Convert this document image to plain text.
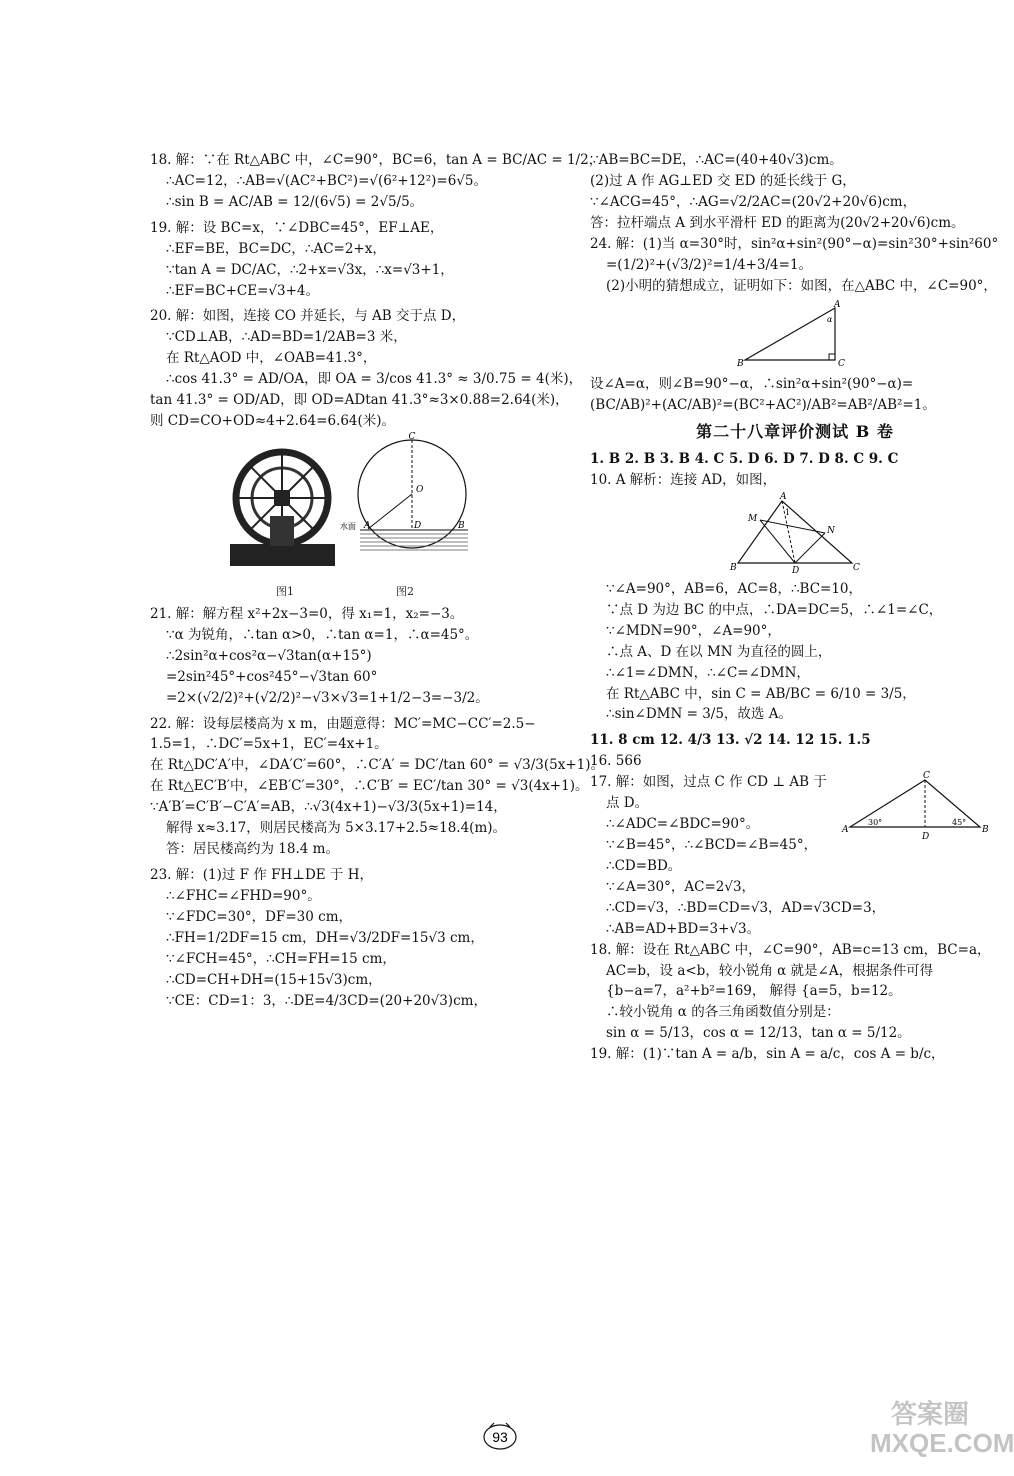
18. 解：∵在 Rt△ABC 中，∠C=90°，BC=6，tan A = BC/AC = 1/2，

∴AC=12，∴AB=√(AC²+BC²)=√(6²+12²)=6√5。

∴sin B = AC/AB = 12/(6√5) = 2√5/5。

19. 解：设 BC=x，∵∠DBC=45°，EF⊥AE，

∴EF=BE，BC=DC，∴AC=2+x，

∵tan A = DC/AC，∴2+x=√3x，∴x=√3+1，

∴EF=BC+CE=√3+4。

20. 解：如图，连接 CO 并延长，与 AB 交于点 D，

∵CD⊥AB，∴AD=BD=1/2AB=3 米，

在 Rt△AOD 中，∠OAB=41.3°，

∴cos 41.3° = AD/OA，即 OA = 3/cos 41.3° ≈ 3/0.75 = 4(米)，

tan 41.3° = OD/AD，即 OD=ADtan 41.3°≈3×0.88=2.64(米)，

则 CD=CO+OD≈4+2.64=6.64(米)。

图1
C
O
A	D	B
水面
图2

21. 解：解方程 x²+2x−3=0，得 x₁=1，x₂=−3。

∵α 为锐角，∴tan α>0，∴tan α=1，∴α=45°。

∴2sin²α+cos²α−√3tan(α+15°)

=2sin²45°+cos²45°−√3tan 60°

=2×(√2/2)²+(√2/2)²−√3×√3=1+1/2−3=−3/2。

22. 解：设每层楼高为 x m，由题意得：MC′=MC−CC′=2.5−

1.5=1，∴DC′=5x+1，EC′=4x+1。

在 Rt△DC′A′中，∠DA′C′=60°，∴C′A′ = DC′/tan 60° = √3/3(5x+1)。

在 Rt△EC′B′中，∠EB′C′=30°，∴C′B′ = EC′/tan 30° = √3(4x+1)。

∵A′B′=C′B′−C′A′=AB，∴√3(4x+1)−√3/3(5x+1)=14，

解得 x≈3.17，则居民楼高为 5×3.17+2.5≈18.4(m)。

答：居民楼高约为 18.4 m。

23. 解：(1)过 F 作 FH⊥DE 于 H，

∴∠FHC=∠FHD=90°。

∵∠FDC=30°，DF=30 cm，

∴FH=1/2DF=15 cm，DH=√3/2DF=15√3 cm，

∵∠FCH=45°，∴CH=FH=15 cm，

∴CD=CH+DH=(15+15√3)cm，

∵CE：CD=1：3，∴DE=4/3CD=(20+20√3)cm，

∵AB=BC=DE，∴AC=(40+40√3)cm。

(2)过 A 作 AG⊥ED 交 ED 的延长线于 G，

∵∠ACG=45°，∴AG=√2/2AC=(20√2+20√6)cm，

答：拉杆端点 A 到水平滑杆 ED 的距离为(20√2+20√6)cm。

24. 解：(1)当 α=30°时，sin²α+sin²(90°−α)=sin²30°+sin²60°

=(1/2)²+(√3/2)²=1/4+3/4=1。

(2)小明的猜想成立，证明如下：如图，在△ABC 中，∠C=90°，

B	C
A
α

设∠A=α，则∠B=90°−α，∴sin²α+sin²(90°−α)=

(BC/AB)²+(AC/AB)²=(BC²+AC²)/AB²=AB²/AB²=1。

第二十八章评价测试 B 卷

1. B 2. B 3. B 4. C 5. D 6. D 7. D 8. C 9. C

10. A 解析：连接 AD，如图，

A
M
N
B	D	C
1

∵∠A=90°，AB=6，AC=8，∴BC=10，

∵点 D 为边 BC 的中点，∴DA=DC=5，∴∠1=∠C，

∵∠MDN=90°，∠A=90°，

∴点 A、D 在以 MN 为直径的圆上，

∴∠1=∠DMN，∴∠C=∠DMN，

在 Rt△ABC 中，sin C = AB/BC = 6/10 = 3/5，

∴sin∠DMN = 3/5，故选 A。

11. 8 cm 12. 4/3 13. √2 14. 12 15. 1.5

16. 566

A	B
C
D
30°	45°

17. 解：如图，过点 C 作 CD ⊥ AB 于

点 D。

∴∠ADC=∠BDC=90°。

∵∠B=45°，∴∠BCD=∠B=45°，

∴CD=BD。

∵∠A=30°，AC=2√3，

∴CD=√3，∴BD=CD=√3，AD=√3CD=3，

∴AB=AD+BD=3+√3。

18. 解：设在 Rt△ABC 中，∠C=90°，AB=c=13 cm，BC=a，

AC=b，设 a<b，较小锐角 α 就是∠A，根据条件可得

{b−a=7，a²+b²=169， 解得 {a=5，b=12。

∴较小锐角 α 的各三角函数值分别是：

sin α = 5/13，cos α = 12/13，tan α = 5/12。

19. 解：(1)∵tan A = a/b，sin A = a/c，cos A = b/c，

93
答案圈 MXQE.COM
